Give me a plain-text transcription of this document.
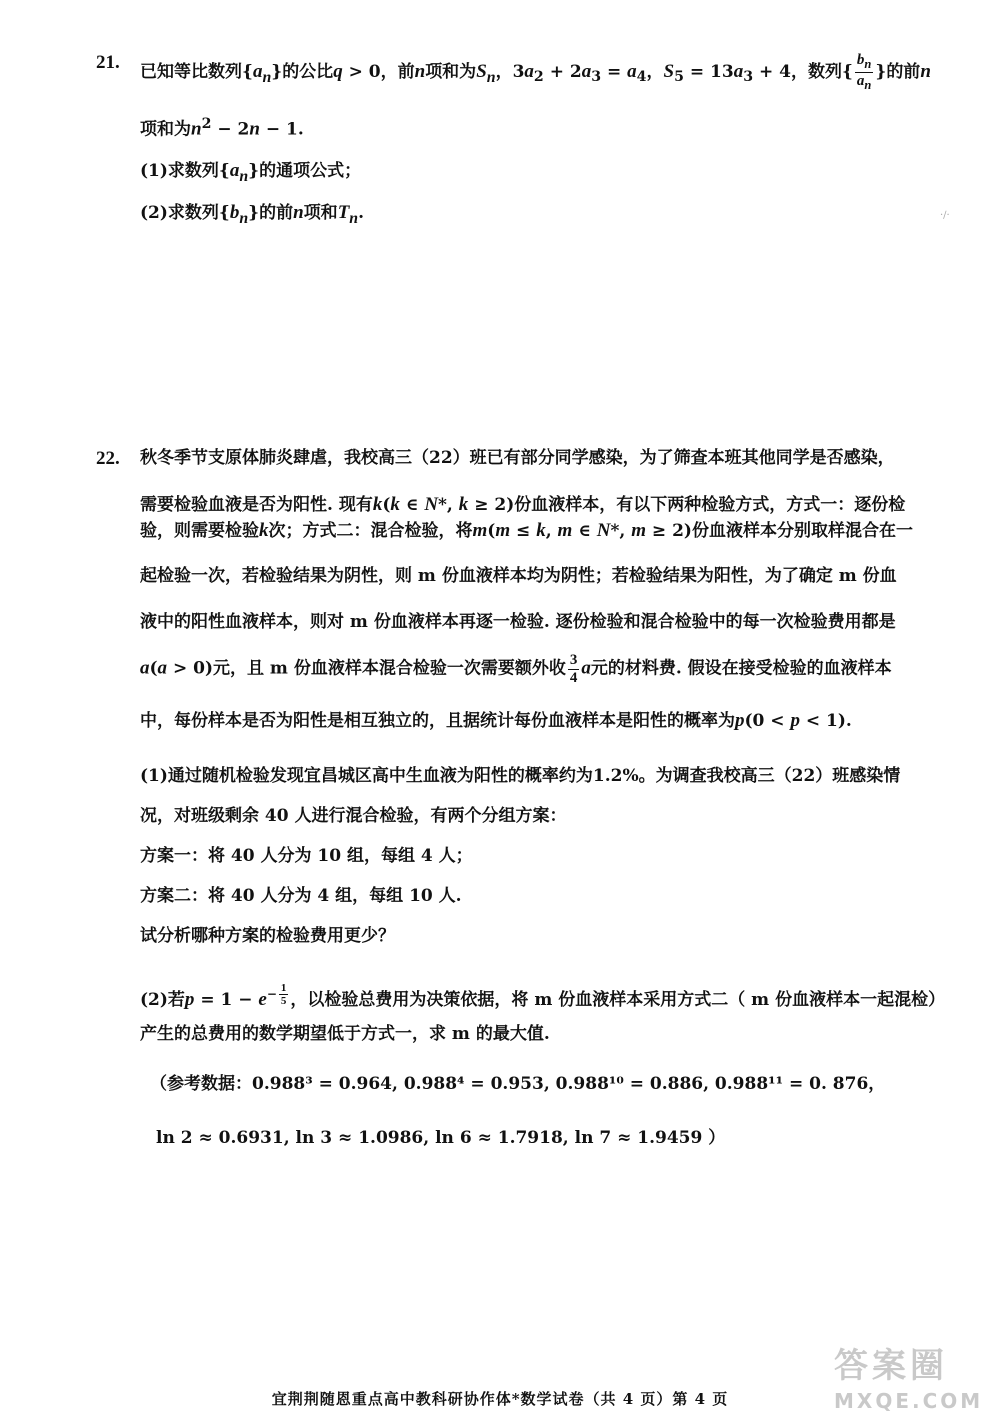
21. 已知等比数列$\{a_n\}$的公比q > 0，前n项和为$S_n$，$3a_2 + 2a_3 = a_4$，$S_5 = 13a_3 + 4$，数列{ $\frac{b_n}{a_n}$ }的前n
项和为$n^2 - 2n - 1$.
(1)求数列$\{a_n\}$的通项公式；
(2)求数列$\{b_n\}$的前n项和$T_n$.	·∕·
22. 秋冬季节支原体肺炎肆虐，我校高三（22）班已有部分同学感染，为了筛查本班其他同学是否感染，
需要检验血液是否为阳性. 现有k(k ∈ N*, k ≥ 2)份血液样本，有以下两种检验方式，方式一：逐份检
验，则需要检验k次；方式二：混合检验，将m(m ≤ k, m ∈ N*, m ≥ 2)份血液样本分别取样混合在一
起检验一次，若检验结果为阴性，则 m 份血液样本均为阴性；若检验结果为阳性，为了确定 m 份血
液中的阳性血液样本，则对 m 份血液样本再逐一检验. 逐份检验和混合检验中的每一次检验费用都是
a(a > 0)元，且 m 份血液样本混合检验一次需要额外收 $\frac{3}{4}$ a元的材料费. 假设在接受检验的血液样本
中，每份样本是否为阳性是相互独立的，且据统计每份血液样本是阳性的概率为p(0 < p < 1).
(1)通过随机检验发现宜昌城区高中生血液为阳性的概率约为1.2%。为调查我校高三（22）班感染情
况，对班级剩余 40 人进行混合检验，有两个分组方案：
方案一：将 40 人分为 10 组，每组 4 人；
方案二：将 40 人分为 4 组，每组 10 人.
试分析哪种方案的检验费用更少？
(2)若$p = 1 - e^{- \frac{1}{5}}$ ，以检验总费用为决策依据，将 m 份血液样本采用方式二（ m 份血液样本一起混检）
产生的总费用的数学期望低于方式一，求 m 的最大值.
（参考数据：0.988³ = 0.964, 0.988⁴ = 0.953, 0.988¹⁰ = 0.886, 0.988¹¹ = 0. 876，
ln 2 ≈ 0.6931, ln 3 ≈ 1.0986, ln 6 ≈ 1.7918, ln 7 ≈ 1.9459 ）
宜荆荆随恩重点高中教科研协作体*数学试卷（共 4 页）第 4 页
答案圈
MXQE.COM
